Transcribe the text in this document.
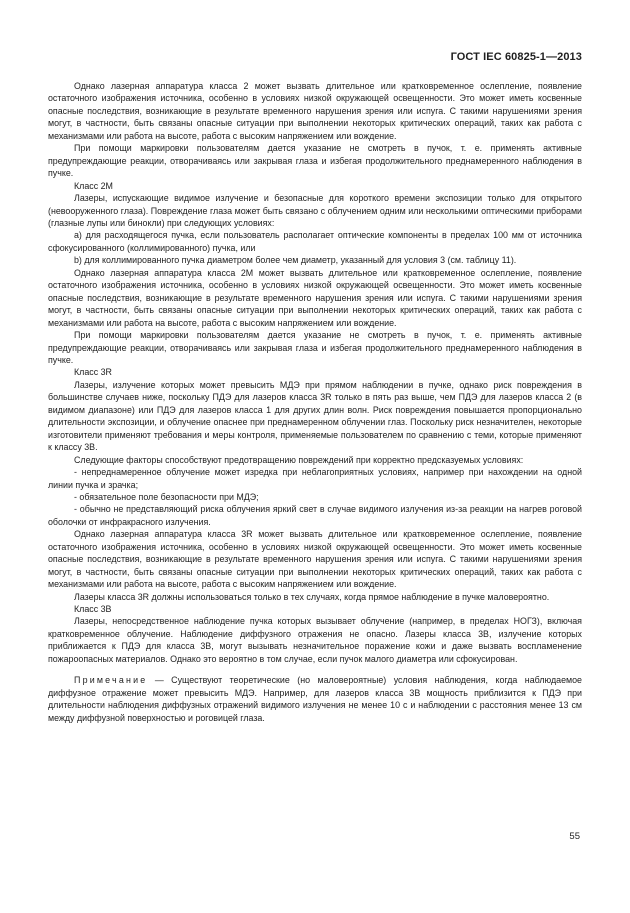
ГОСТ IEC 60825-1—2013

Однако лазерная аппаратура класса 2 может вызвать длительное или кратковременное ослепление, появление остаточного изображения источника, особенно в условиях низкой окружающей освещенности. Это может иметь косвенные опасные последствия, возникающие в результате временного нарушения зрения или испуга. С такими нарушениями зрения могут, в частности, быть связаны опасные ситуации при выполнении некоторых критических операций, таких как работа с механизмами или работа на высоте, работа с высоким напряжением или вождение.

При помощи маркировки пользователям дается указание не смотреть в пучок, т. е. применять активные предупреждающие реакции, отворачиваясь или закрывая глаза и избегая продолжительного преднамеренного наблюдения в пучке.

Класс 2М

Лазеры, испускающие видимое излучение и безопасные для короткого времени экспозиции только для открытого (невооруженного глаза). Повреждение глаза может быть связано с облучением одним или несколькими оптическими приборами (глазные лупы или бинокли) при следующих условиях:

a) для расходящегося пучка, если пользователь располагает оптические компоненты в пределах 100 мм от источника сфокусированного (коллимированного) пучка, или

b) для коллимированного пучка диаметром более чем диаметр, указанный для условия 3 (см. таблицу 11).

Однако лазерная аппаратура класса 2М может вызвать длительное или кратковременное ослепление, появление остаточного изображения источника, особенно в условиях низкой окружающей освещенности. Это может иметь косвенные опасные последствия, возникающие в результате временного нарушения зрения или испуга. С такими нарушениями зрения могут, в частности, быть связаны опасные ситуации при выполнении некоторых критических операций, таких как работа с механизмами или работа на высоте, работа с высоким напряжением или вождение.

При помощи маркировки пользователям дается указание не смотреть в пучок, т. е. применять активные предупреждающие реакции, отворачиваясь или закрывая глаза и избегая продолжительного преднамеренного наблюдения в пучке.

Класс 3R

Лазеры, излучение которых может превысить МДЭ при прямом наблюдении в пучке, однако риск повреждения в большинстве случаев ниже, поскольку ПДЭ для лазеров класса 3R только в пять раз выше, чем ПДЭ для лазеров класса 2 (в видимом диапазоне) или ПДЭ для лазеров класса 1 для других длин волн. Риск повреждения повышается пропорционально длительности экспозиции, и облучение опаснее при преднамеренном облучении глаз. Поскольку риск незначителен, некоторые изготовители применяют требования и меры контроля, применяемые пользователем по сравнению с теми, которые применяют к классу 3В.

Следующие факторы способствуют предотвращению повреждений при корректно предсказуемых условиях:

- непреднамеренное облучение может изредка при неблагоприятных условиях, например при нахождении на одной линии пучка и зрачка;

- обязательное поле безопасности при МДЭ;

- обычно не представляющий риска облучения яркий свет в случае видимого излучения из-за реакции на нагрев роговой оболочки от инфракрасного излучения.

Однако лазерная аппаратура класса 3R может вызвать длительное или кратковременное ослепление, появление остаточного изображения источника, особенно в условиях низкой окружающей освещенности. Это может иметь косвенные опасные последствия, возникающие в результате временного нарушения зрения или испуга. С такими нарушениями зрения могут, в частности, быть связаны опасные ситуации при выполнении некоторых критических операций, таких как работа с механизмами или работа на высоте, работа с высоким напряжением или вождение.

Лазеры класса 3R должны использоваться только в тех случаях, когда прямое наблюдение в пучке маловероятно.

Класс 3В

Лазеры, непосредственное наблюдение пучка которых вызывает облучение (например, в пределах НОГЗ), включая кратковременное облучение. Наблюдение диффузного отражения не опасно. Лазеры класса 3В, излучение которых приближается к ПДЭ для класса 3В, могут вызывать незначительное поражение кожи и даже вызвать воспламенение пожароопасных материалов. Однако это вероятно в том случае, если пучок малого диаметра или сфокусирован.

Примечание — Существуют теоретические (но маловероятные) условия наблюдения, когда наблюдаемое диффузное отражение может превысить МДЭ. Например, для лазеров класса 3В мощность приблизится к ПДЭ при длительности наблюдения диффузных отражений видимого излучения не менее 10 с и наблюдении с расстояния менее 13 см между диффузной поверхностью и роговицей глаза.

55
